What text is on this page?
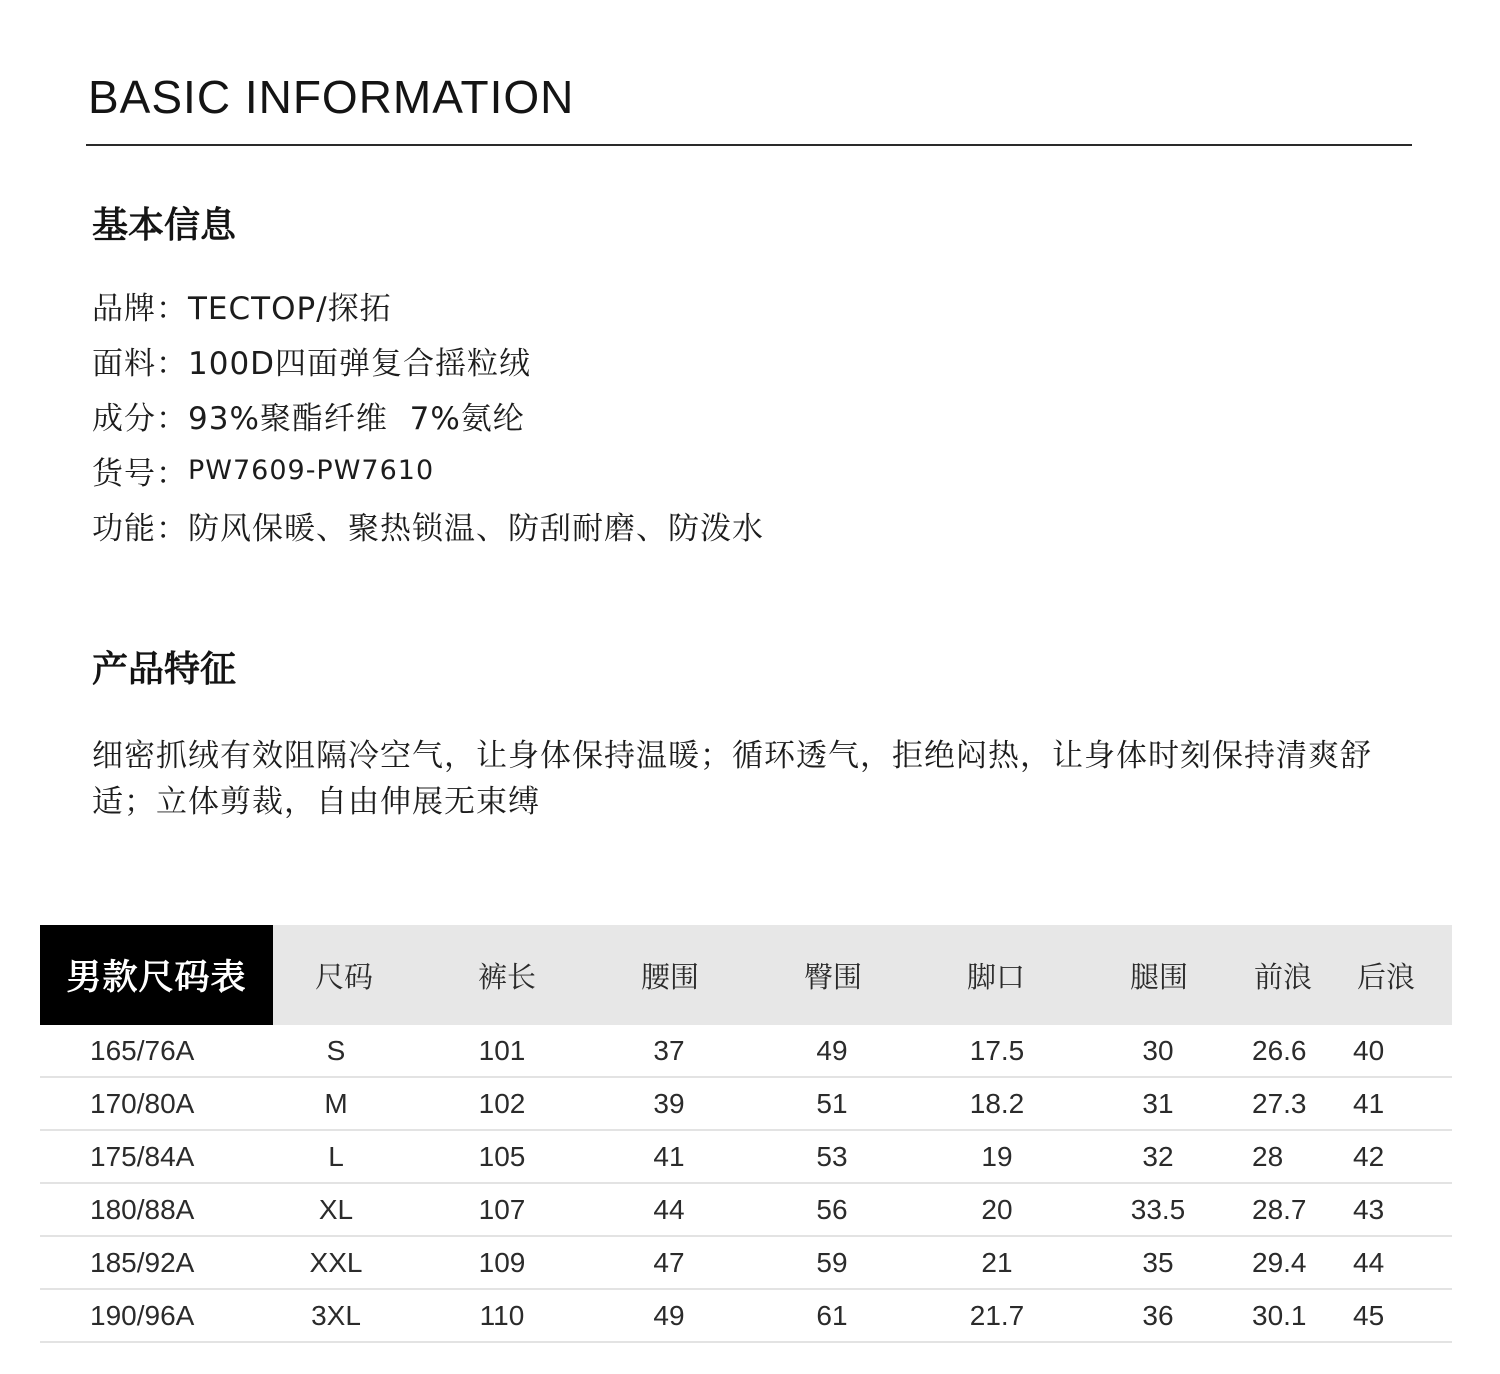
BASIC INFORMATION
基本信息
品牌： TECTOP/探拓
面料： 100D四面弹复合摇粒绒
成分： 93%聚酯纤维  7%氨纶
货号： PW7609-PW7610
功能： 防风保暖、聚热锁温、防刮耐磨、防泼水
产品特征
细密抓绒有效阻隔冷空气，让身体保持温暖；循环透气，拒绝闷热，让身体时刻保持清爽舒适；立体剪裁，自由伸展无束缚
男款尺码表	尺码	裤长	腰围	臀围	脚口	腿围 前浪 后浪
165/76A	S	101	37	49	17.5	30	26.6 40
170/80A	M	102	39	51	18.2	31	27.3 41
175/84A	L	105	41	53	19	32	28 42
180/88A	XL	107	44	56	20	33.5 28.7 43
185/92A	XXL	109	47	59	21	35	29.4 44
190/96A	3XL	110	49	61	21.7	36	30.1 45
